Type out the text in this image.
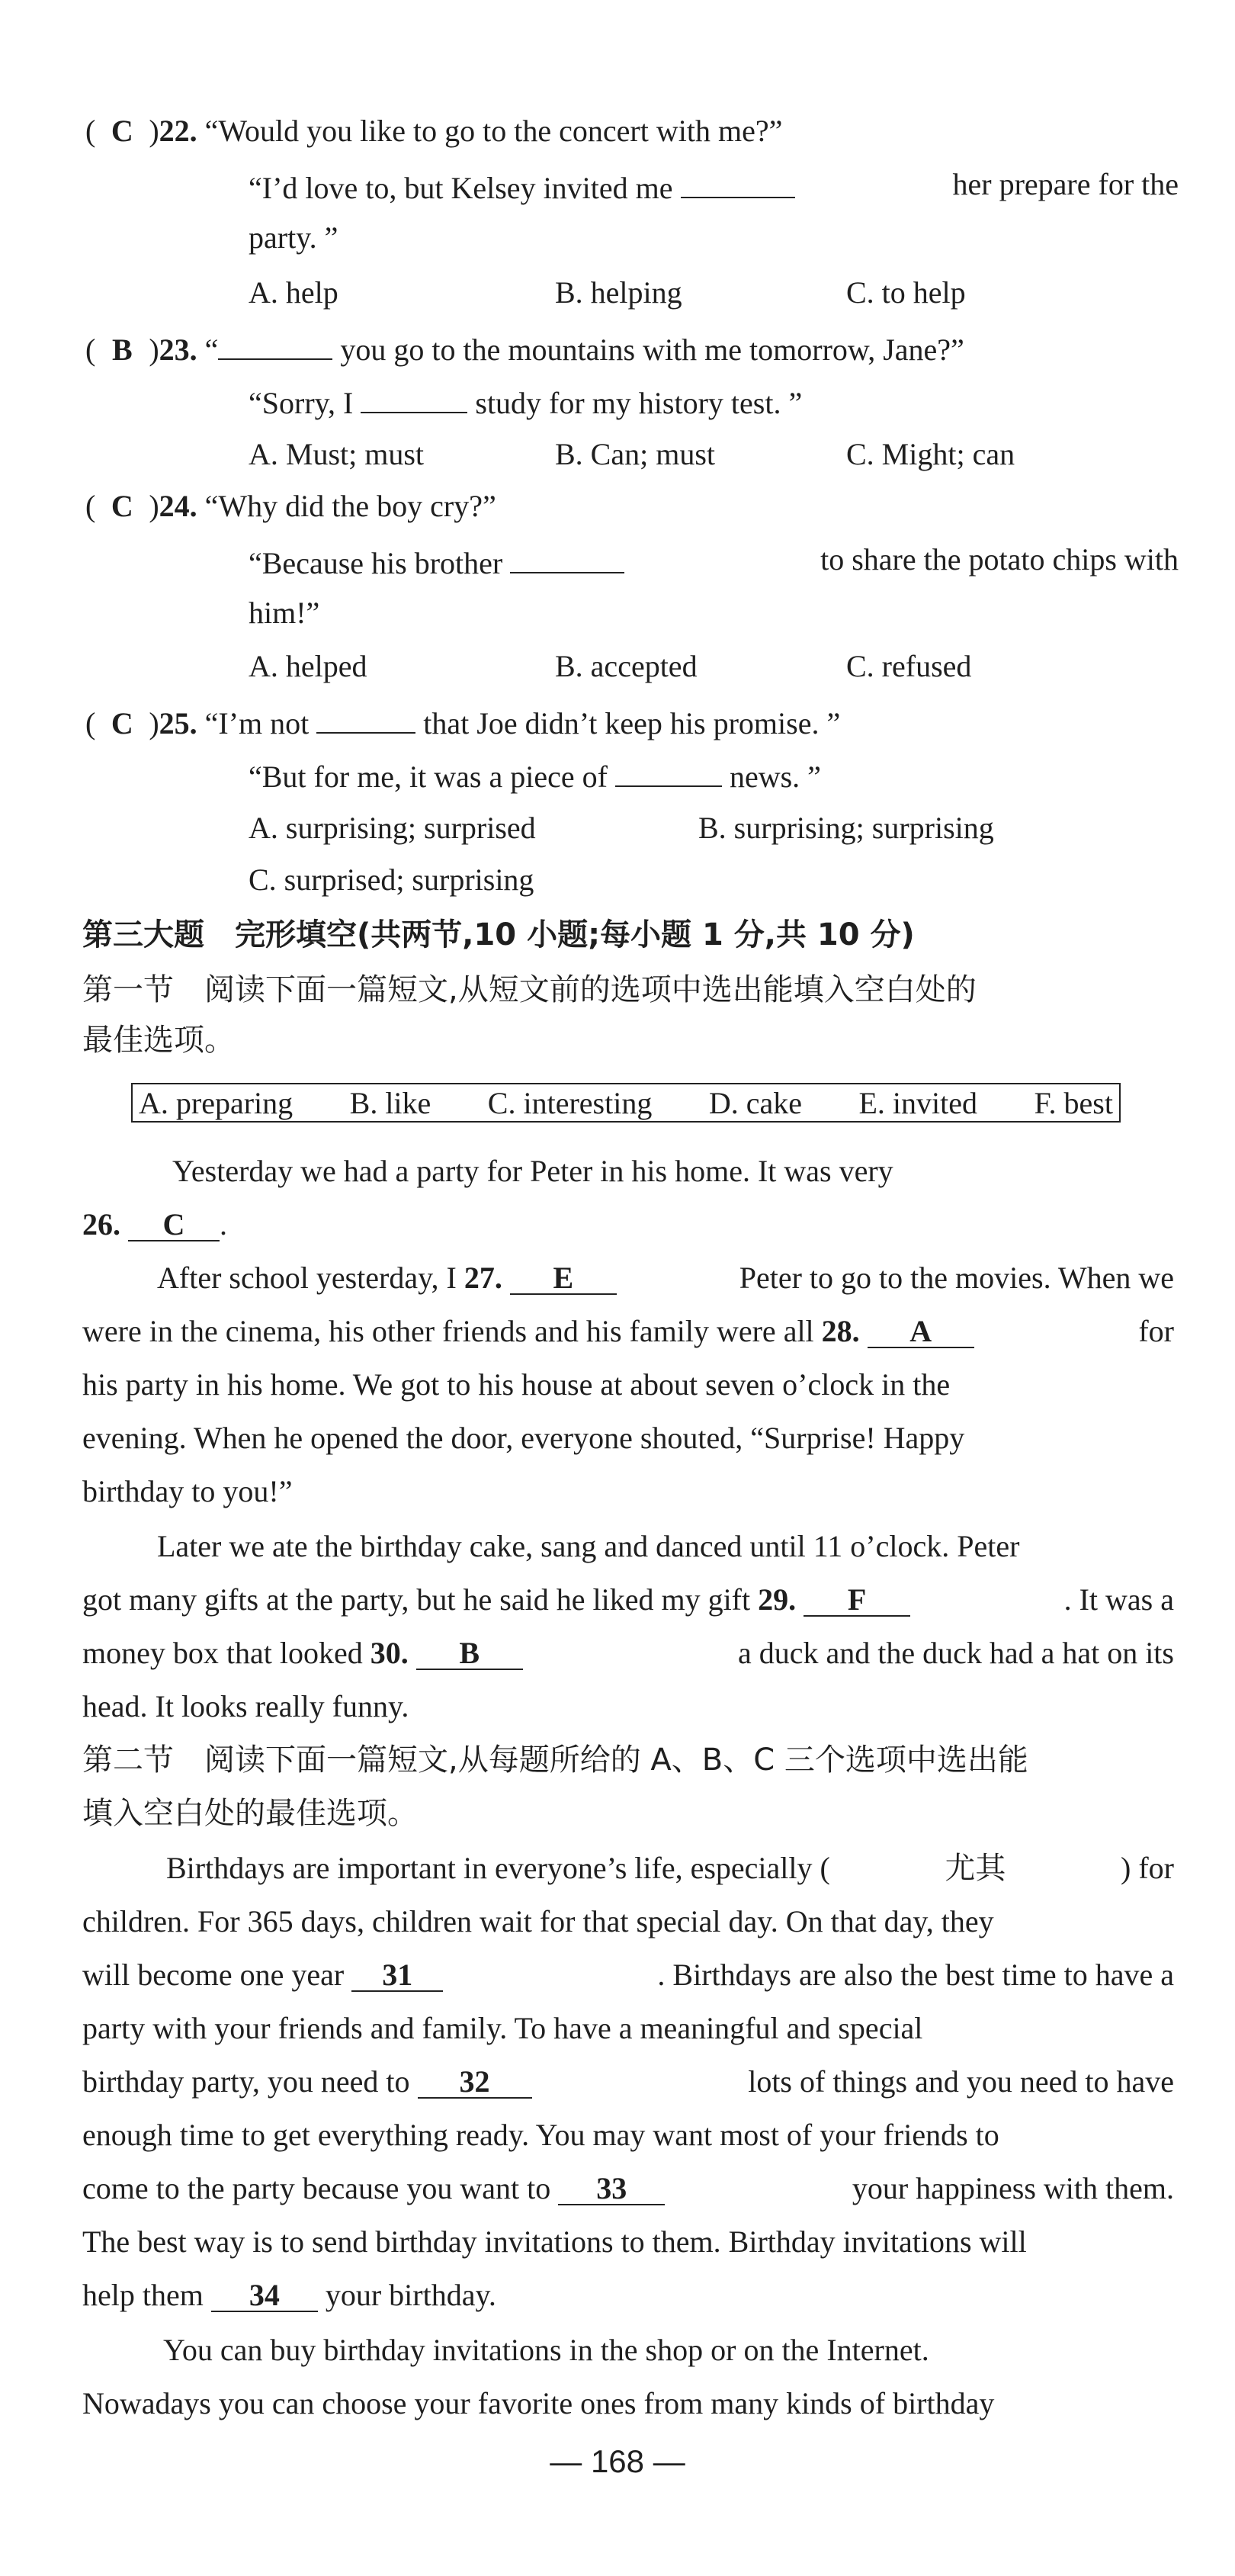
( C )22. “Would you like to go to the concert with me?”
“I’d love to, but Kelsey invited me	her prepare for the
party. ”
A. help	B. helping	C. to help
( B )23. “	you go to the mountains with me tomorrow, Jane?”
“Sorry, I	study for my history test. ”
A. Must; must	B. Can; must	C. Might; can
( C )24. “Why did the boy cry?”
“Because his brother	to share the potato chips with
him!”
A. helped	B. accepted	C. refused
( C )25. “I’m not	that Joe didn’t keep his promise. ”
“But for me, it was a piece of	news. ”
A. surprising; surprised	B. surprising; surprising
C. surprised; surprising
第三大题　完形填空(共两节,10 小题;每小题 1 分,共 10 分)
第一节　阅读下面一篇短文,从短文前的选项中选出能填入空白处的
最佳选项。
A. preparing B. like C. interesting D. cake E. invited F. best
Yesterday we had a party for Peter in his home. It was very
26. C .
After school yesterday, I 27. E	Peter to go to the movies. When we
were in the cinema, his other friends and his family were all 28. A	for
his party in his home. We got to his house at about seven o’clock in the
evening. When he opened the door, everyone shouted, “Surprise! Happy
birthday to you!”
Later we ate the birthday cake, sang and danced until 11 o’clock. Peter
got many gifts at the party, but he said he liked my gift 29. F	. It was a
money box that looked 30. B	a duck and the duck had a hat on its
head. It looks really funny.
第二节　阅读下面一篇短文,从每题所给的 A、B、C 三个选项中选出能
填入空白处的最佳选项。
Birthdays are important in everyone’s life, especially (	尤其	) for
children. For 365 days, children wait for that special day. On that day, they
will become one year 31	. Birthdays are also the best time to have a
party with your friends and family. To have a meaningful and special
birthday party, you need to 32	lots of things and you need to have
enough time to get everything ready. You may want most of your friends to
come to the party because you want to 33	your happiness with them.
The best way is to send birthday invitations to them. Birthday invitations will
help them 34 your birthday.
You can buy birthday invitations in the shop or on the Internet.
Nowadays you can choose your favorite ones from many kinds of birthday
— 168 —
